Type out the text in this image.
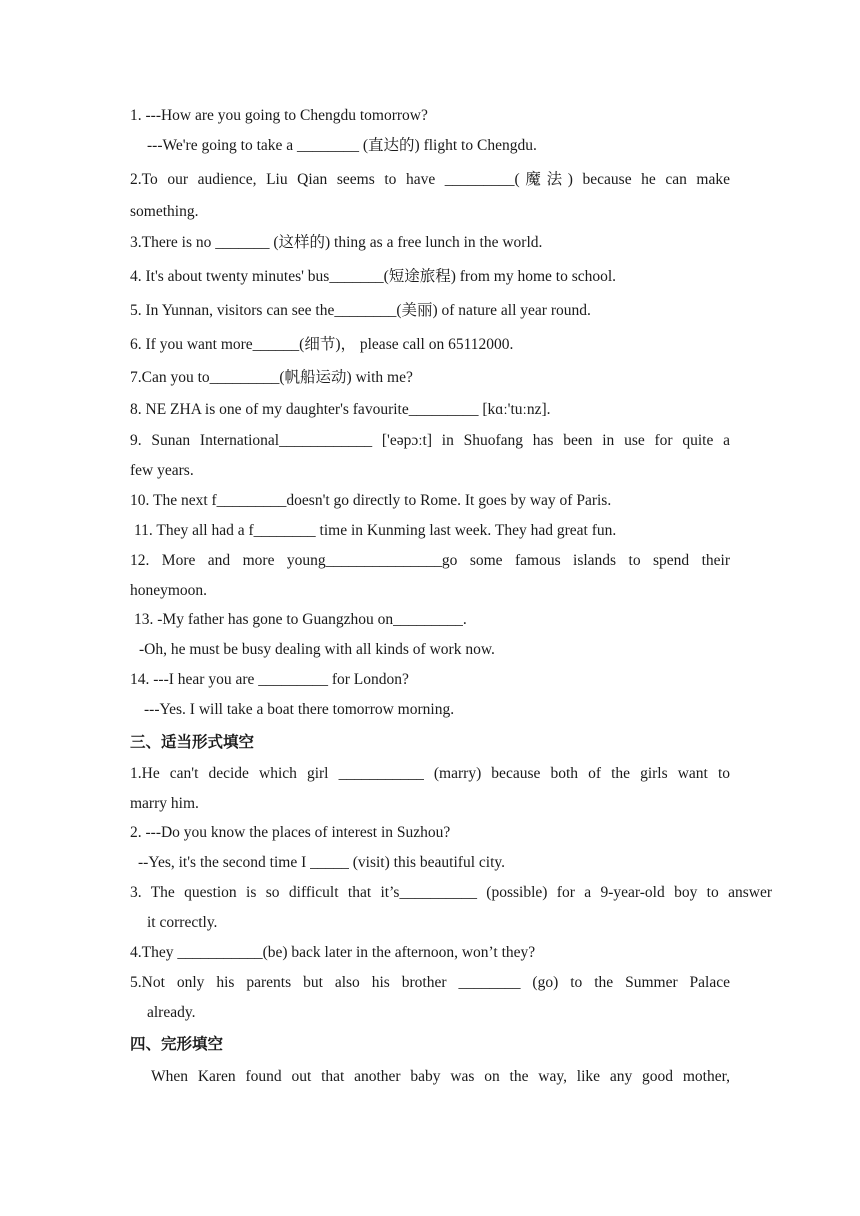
1. ---How are you going to Chengdu tomorrow?
---We're going to take a ________ (直达的) flight to Chengdu.
2.To our audience, Liu Qian seems to have _________(魔法) because he can make
something.
3.There is no _______ (这样的) thing as a free lunch in the world.
4. It's about twenty minutes' bus_______(短途旅程) from my home to school.
5. In Yunnan, visitors can see the________(美丽) of nature all year round.
6. If you want more______(细节)， please call on 65112000.
7.Can you to_________(帆船运动) with me?
8. NE ZHA is one of my daughter's favourite_________ [kɑː'tuːnz].
9. Sunan International____________ ['eəpɔːt] in Shuofang has been in use for quite a
few years.
10. The next f_________doesn't go directly to Rome. It goes by way of Paris.
11. They all had a f________ time in Kunming last week. They had great fun.
12. More and more young_______________go some famous islands to spend their
honeymoon.
13. -My father has gone to Guangzhou on_________.
-Oh, he must be busy dealing with all kinds of work now.
14. ---I hear you are _________ for London?
---Yes. I will take a boat there tomorrow morning.
三、适当形式填空
1.He can't decide which girl ___________ (marry) because both of the girls want to
marry him.
2. ---Do you know the places of interest in Suzhou?
--Yes, it's the second time I _____ (visit) this beautiful city.
3. The question is so difficult that it’s__________ (possible) for a 9-year-old boy to answer
it correctly.
4.They ___________(be) back later in the afternoon, won’t they?
5.Not only his parents but also his brother ________ (go) to the Summer Palace
already.
四、完形填空
When Karen found out that another baby was on the way, like any good mother,
